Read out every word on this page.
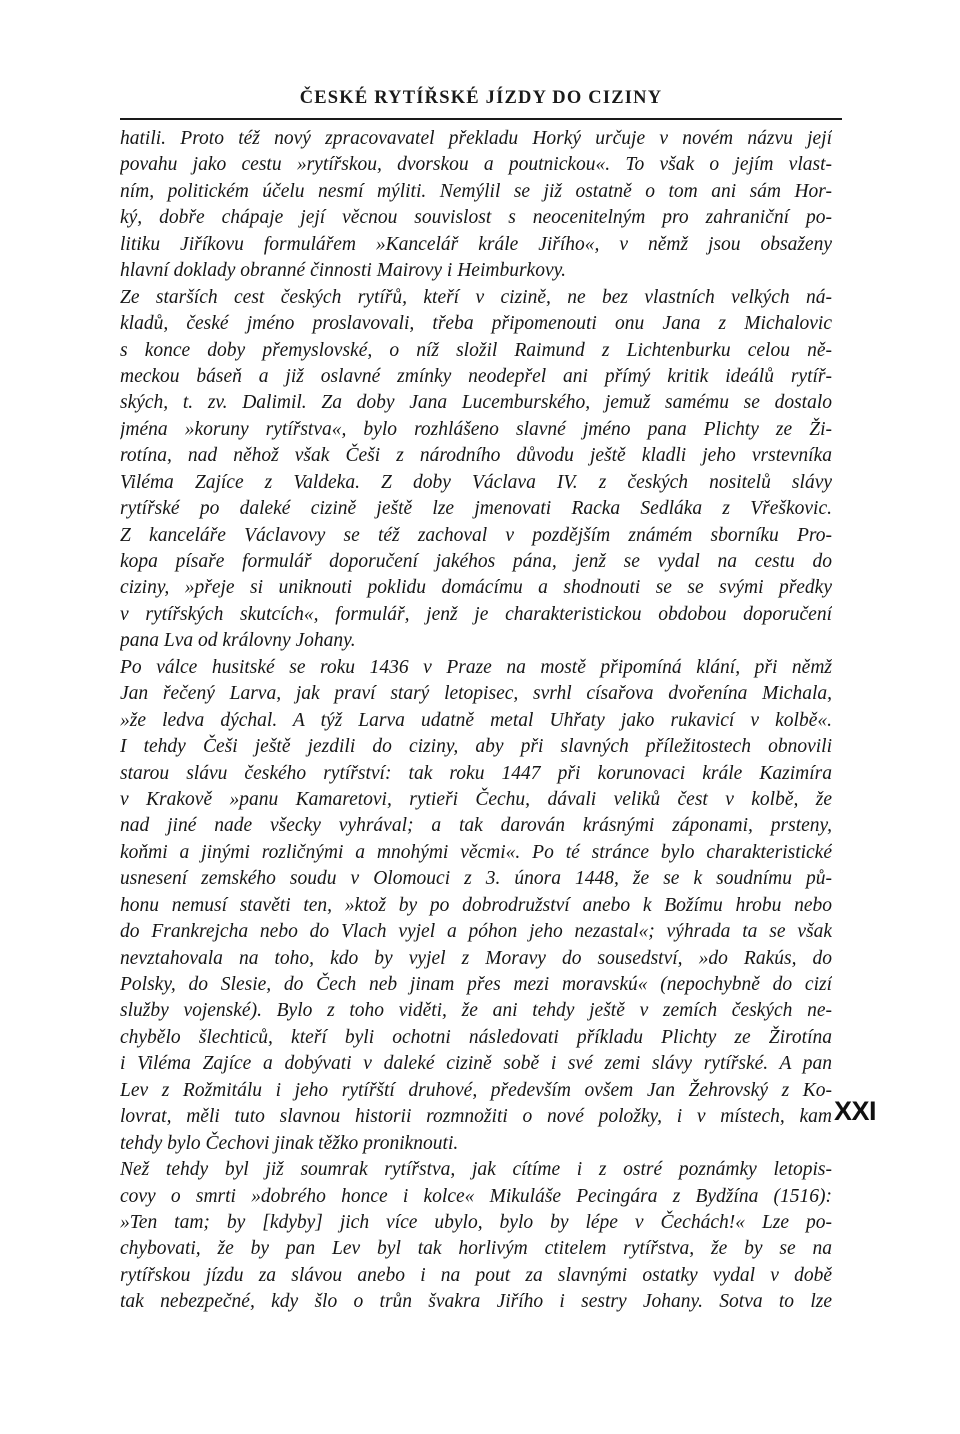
ČESKÉ RYTÍŘSKÉ JÍZDY DO CIZINY
hatili. Proto též nový zpracovavatel překladu Horký určuje v novém názvu její
povahu jako cestu »rytířskou, dvorskou a poutnickou«. To však o jejím vlast-
ním, politickém účelu nesmí mýliti. Nemýlil se již ostatně o tom ani sám Hor-
ký, dobře chápaje její věcnou souvislost s neocenitelným pro zahraniční po-
litiku Jiříkovu formulářem »Kancelář krále Jiřího«, v němž jsou obsaženy
hlavní doklady obranné činnosti Mairovy i Heimburkovy.
Ze starších cest českých rytířů, kteří v cizině, ne bez vlastních velkých ná-
kladů, české jméno proslavovali, třeba připomenouti onu Jana z Michalovic
s konce doby přemyslovské, o níž složil Raimund z Lichtenburku celou ně-
meckou báseň a již oslavné zmínky neodepřel ani přímý kritik ideálů rytíř-
ských, t. zv. Dalimil. Za doby Jana Lucemburského, jemuž samému se dostalo
jména »koruny rytířstva«, bylo rozhlášeno slavné jméno pana Plichty ze Ži-
rotína, nad něhož však Češi z národního důvodu ještě kladli jeho vrstevníka
Viléma Zajíce z Valdeka. Z doby Václava IV. z českých nositelů slávy
rytířské po daleké cizině ještě lze jmenovati Racka Sedláka z Vřeškovic.
Z kanceláře Václavovy se též zachoval v pozdějším známém sborníku Pro-
kopa písaře formulář doporučení jakéhos pána, jenž se vydal na cestu do
ciziny, »přeje si uniknouti poklidu domácímu a shodnouti se se svými předky
v rytířských skutcích«, formulář, jenž je charakteristickou obdobou doporučení
pana Lva od královny Johany.
Po válce husitské se roku 1436 v Praze na mostě připomíná klání, při němž
Jan řečený Larva, jak praví starý letopisec, svrhl císařova dvořenína Michala,
»že ledva dýchal. A týž Larva udatně metal Uhřaty jako rukavicí v kolbě«.
I tehdy Češi ještě jezdili do ciziny, aby při slavných příležitostech obnovili
starou slávu českého rytířství: tak roku 1447 při korunovaci krále Kazimíra
v Krakově »panu Kamaretovi, rytieři Čechu, dávali veliků čest v kolbě, že
nad jiné nade všecky vyhrával; a tak darován krásnými záponami, prsteny,
koňmi a jinými rozličnými a mnohými věcmi«. Po té stránce bylo charakteristické
usnesení zemského soudu v Olomouci z 3. února 1448, že se k soudnímu pů-
honu nemusí stavěti ten, »ktož by po dobrodružství anebo k Božímu hrobu nebo
do Frankrejcha nebo do Vlach vyjel a póhon jeho nezastal«; výhrada ta se však
nevztahovala na toho, kdo by vyjel z Moravy do sousedství, »do Rakús, do
Polsky, do Slesie, do Čech neb jinam přes mezi moravskú« (nepochybně do cizí
služby vojenské). Bylo z toho viděti, že ani tehdy ještě v zemích českých ne-
chybělo šlechticů, kteří byli ochotni následovati příkladu Plichty ze Žirotína
i Viléma Zajíce a dobývati v daleké cizině sobě i své zemi slávy rytířské. A pan
Lev z Rožmitálu i jeho rytířští druhové, především ovšem Jan Žehrovský z Ko-
lovrat, měli tuto slavnou historii rozmnožiti o nové položky, i v místech, kam
tehdy bylo Čechovi jinak těžko proniknouti.
Než tehdy byl již soumrak rytířstva, jak cítíme i z ostré poznámky letopis-
covy o smrti »dobrého honce i kolce« Mikuláše Pecingára z Bydžína (1516):
»Ten tam; by [kdyby] jich více ubylo, bylo by lépe v Čechách!« Lze po-
chybovati, že by pan Lev byl tak horlivým ctitelem rytířstva, že by se na
rytířskou jízdu za slávou anebo i na pout za slavnými ostatky vydal v době
tak nebezpečné, kdy šlo o trůn švakra Jiřího i sestry Johany. Sotva to lze
XXI
